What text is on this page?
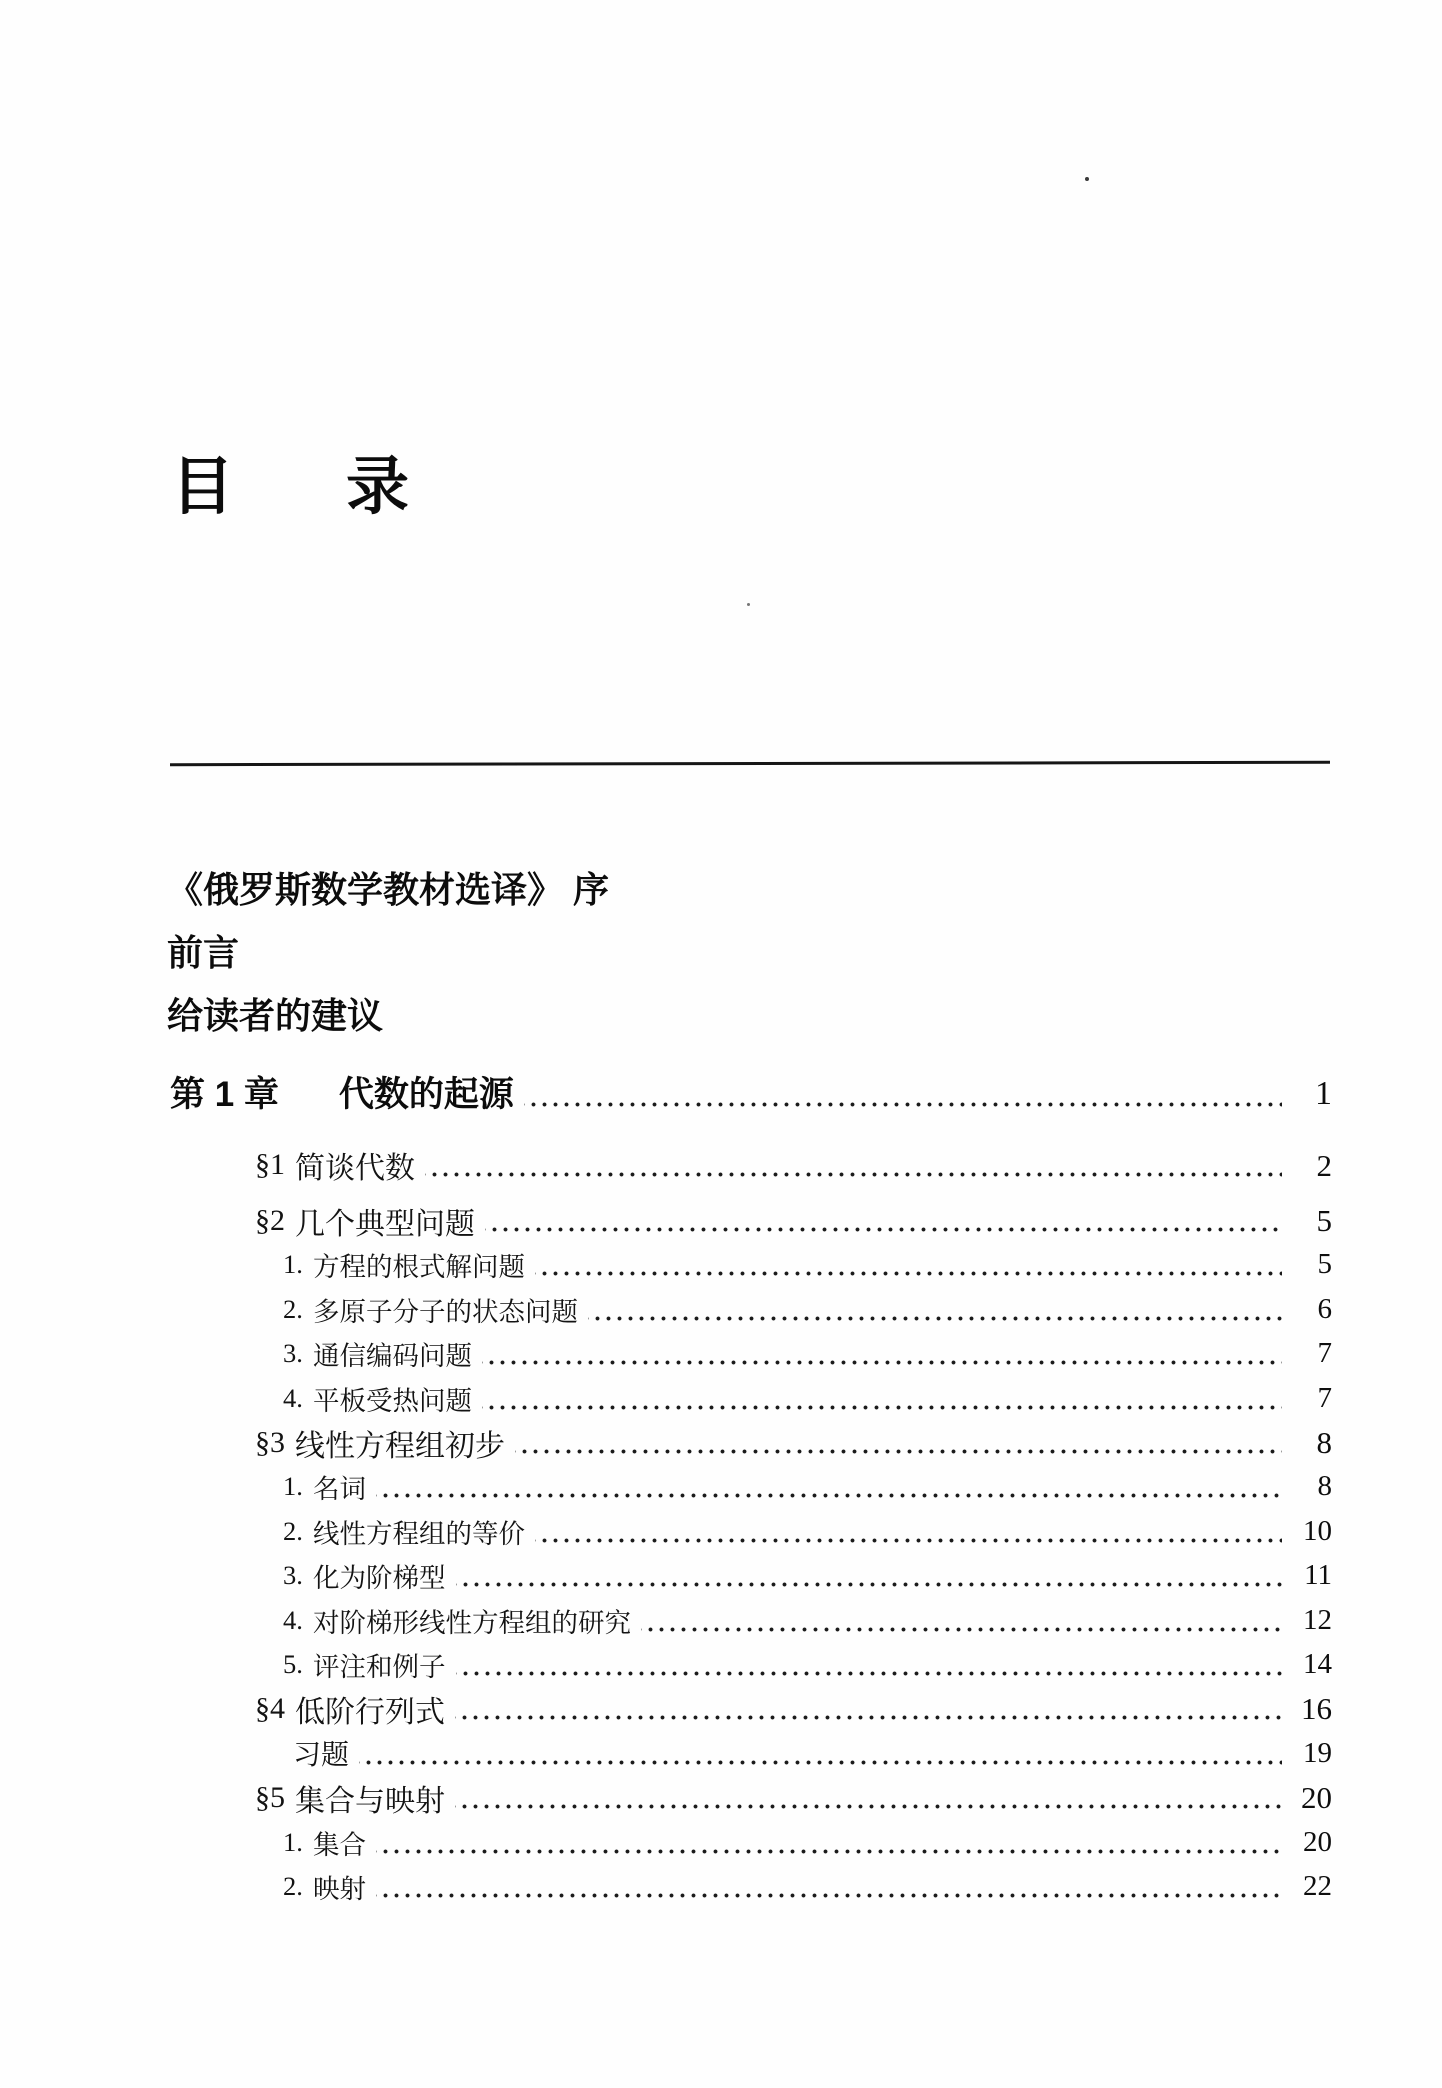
目录
《俄罗斯数学教材选译》 序
前言
给读者的建议
第 1 章 代数的起源	1
§1 简谈代数	2
§2 几个典型问题	5
1. 方程的根式解问题	5
2. 多原子分子的状态问题	6
3. 通信编码问题	7
4. 平板受热问题	7
§3 线性方程组初步	8
1. 名词	8
2. 线性方程组的等价	10
3. 化为阶梯型	11
4. 对阶梯形线性方程组的研究	12
5. 评注和例子	14
§4 低阶行列式	16
习题	19
§5 集合与映射	20
1. 集合	20
2. 映射	22
